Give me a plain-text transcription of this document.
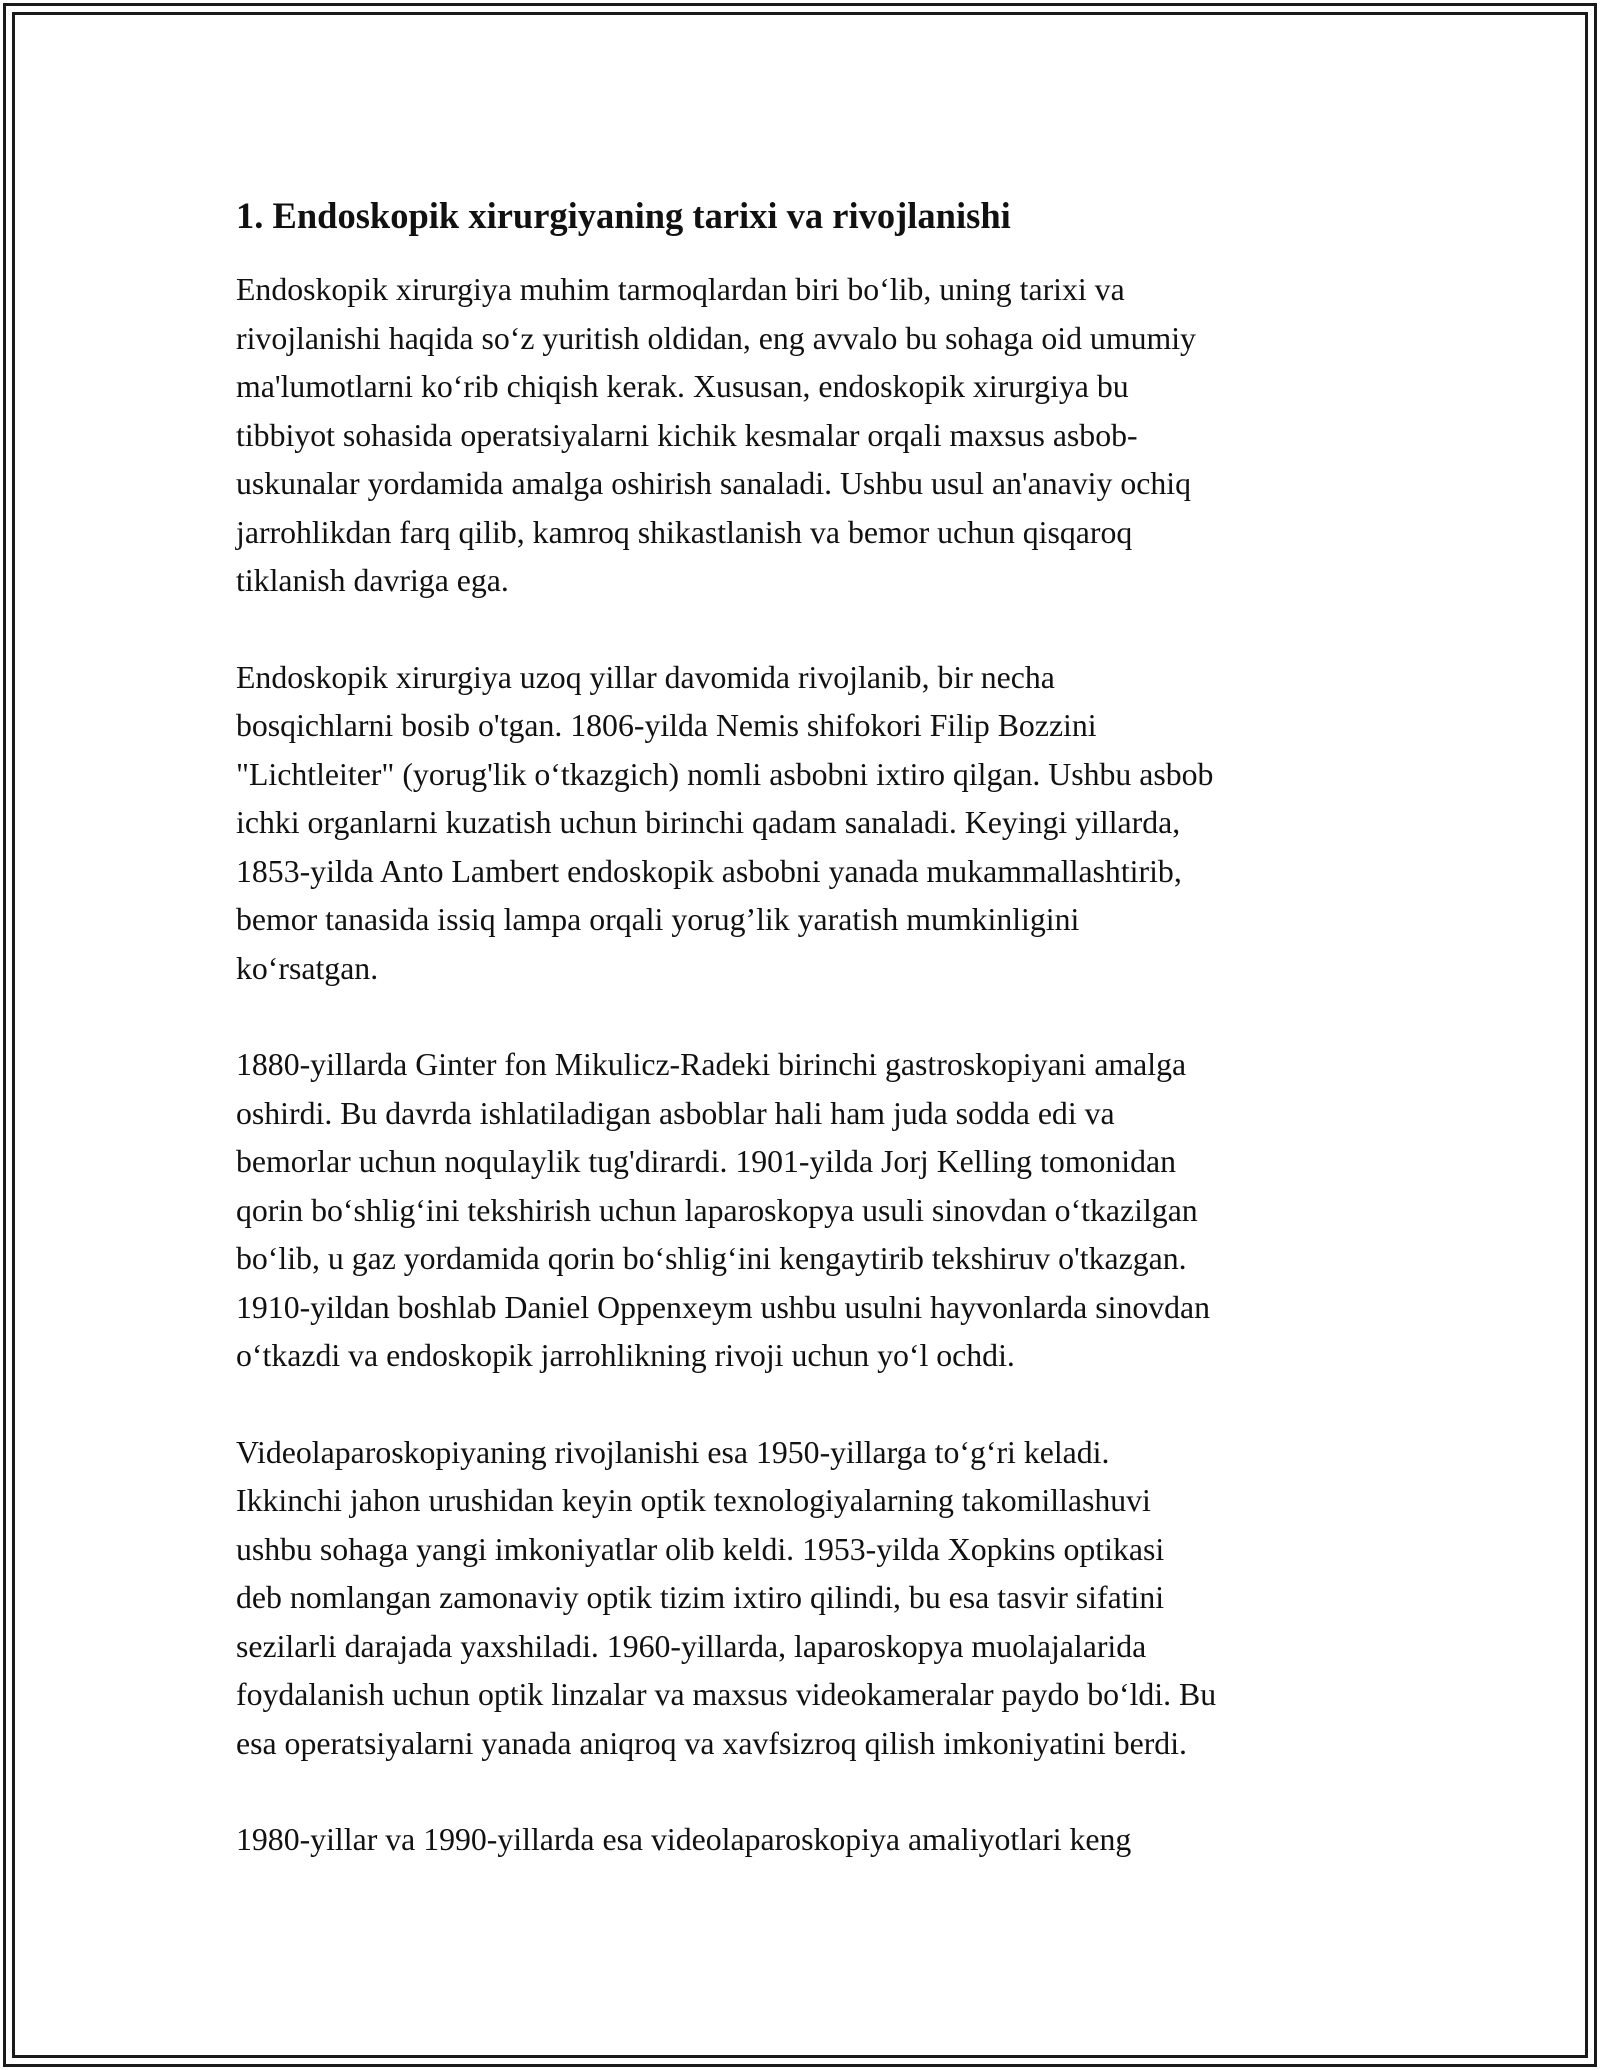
1. Endoskopik xirurgiyaning tarixi va rivojlanishi

Endoskopik xirurgiya muhim tarmoqlardan biri bo‘lib, uning tarixi va
rivojlanishi haqida so‘z yuritish oldidan, eng avvalo bu sohaga oid umumiy
ma'lumotlarni ko‘rib chiqish kerak. Xususan, endoskopik xirurgiya bu
tibbiyot sohasida operatsiyalarni kichik kesmalar orqali maxsus asbob-
uskunalar yordamida amalga oshirish sanaladi. Ushbu usul an'anaviy ochiq
jarrohlikdan farq qilib, kamroq shikastlanish va bemor uchun qisqaroq
tiklanish davriga ega.

Endoskopik xirurgiya uzoq yillar davomida rivojlanib, bir necha
bosqichlarni bosib o'tgan. 1806-yilda Nemis shifokori Filip Bozzini
"Lichtleiter" (yorug'lik o‘tkazgich) nomli asbobni ixtiro qilgan. Ushbu asbob
ichki organlarni kuzatish uchun birinchi qadam sanaladi. Keyingi yillarda,
1853-yilda Anto Lambert endoskopik asbobni yanada mukammallashtirib,
bemor tanasida issiq lampa orqali yorug’lik yaratish mumkinligini
ko‘rsatgan.

1880-yillarda Ginter fon Mikulicz-Radeki birinchi gastroskopiyani amalga
oshirdi. Bu davrda ishlatiladigan asboblar hali ham juda sodda edi va
bemorlar uchun noqulaylik tug'dirardi. 1901-yilda Jorj Kelling tomonidan
qorin bo‘shlig‘ini tekshirish uchun laparoskopya usuli sinovdan o‘tkazilgan
bo‘lib, u gaz yordamida qorin bo‘shlig‘ini kengaytirib tekshiruv o'tkazgan.
1910-yildan boshlab Daniel Oppenxeym ushbu usulni hayvonlarda sinovdan
o‘tkazdi va endoskopik jarrohlikning rivoji uchun yo‘l ochdi.

Videolaparoskopiyaning rivojlanishi esa 1950-yillarga to‘g‘ri keladi.
Ikkinchi jahon urushidan keyin optik texnologiyalarning takomillashuvi
ushbu sohaga yangi imkoniyatlar olib keldi. 1953-yilda Xopkins optikasi
deb nomlangan zamonaviy optik tizim ixtiro qilindi, bu esa tasvir sifatini
sezilarli darajada yaxshiladi. 1960-yillarda, laparoskopya muolajalarida
foydalanish uchun optik linzalar va maxsus videokameralar paydo bo‘ldi. Bu
esa operatsiyalarni yanada aniqroq va xavfsizroq qilish imkoniyatini berdi.

1980-yillar va 1990-yillarda esa videolaparoskopiya amaliyotlari keng
